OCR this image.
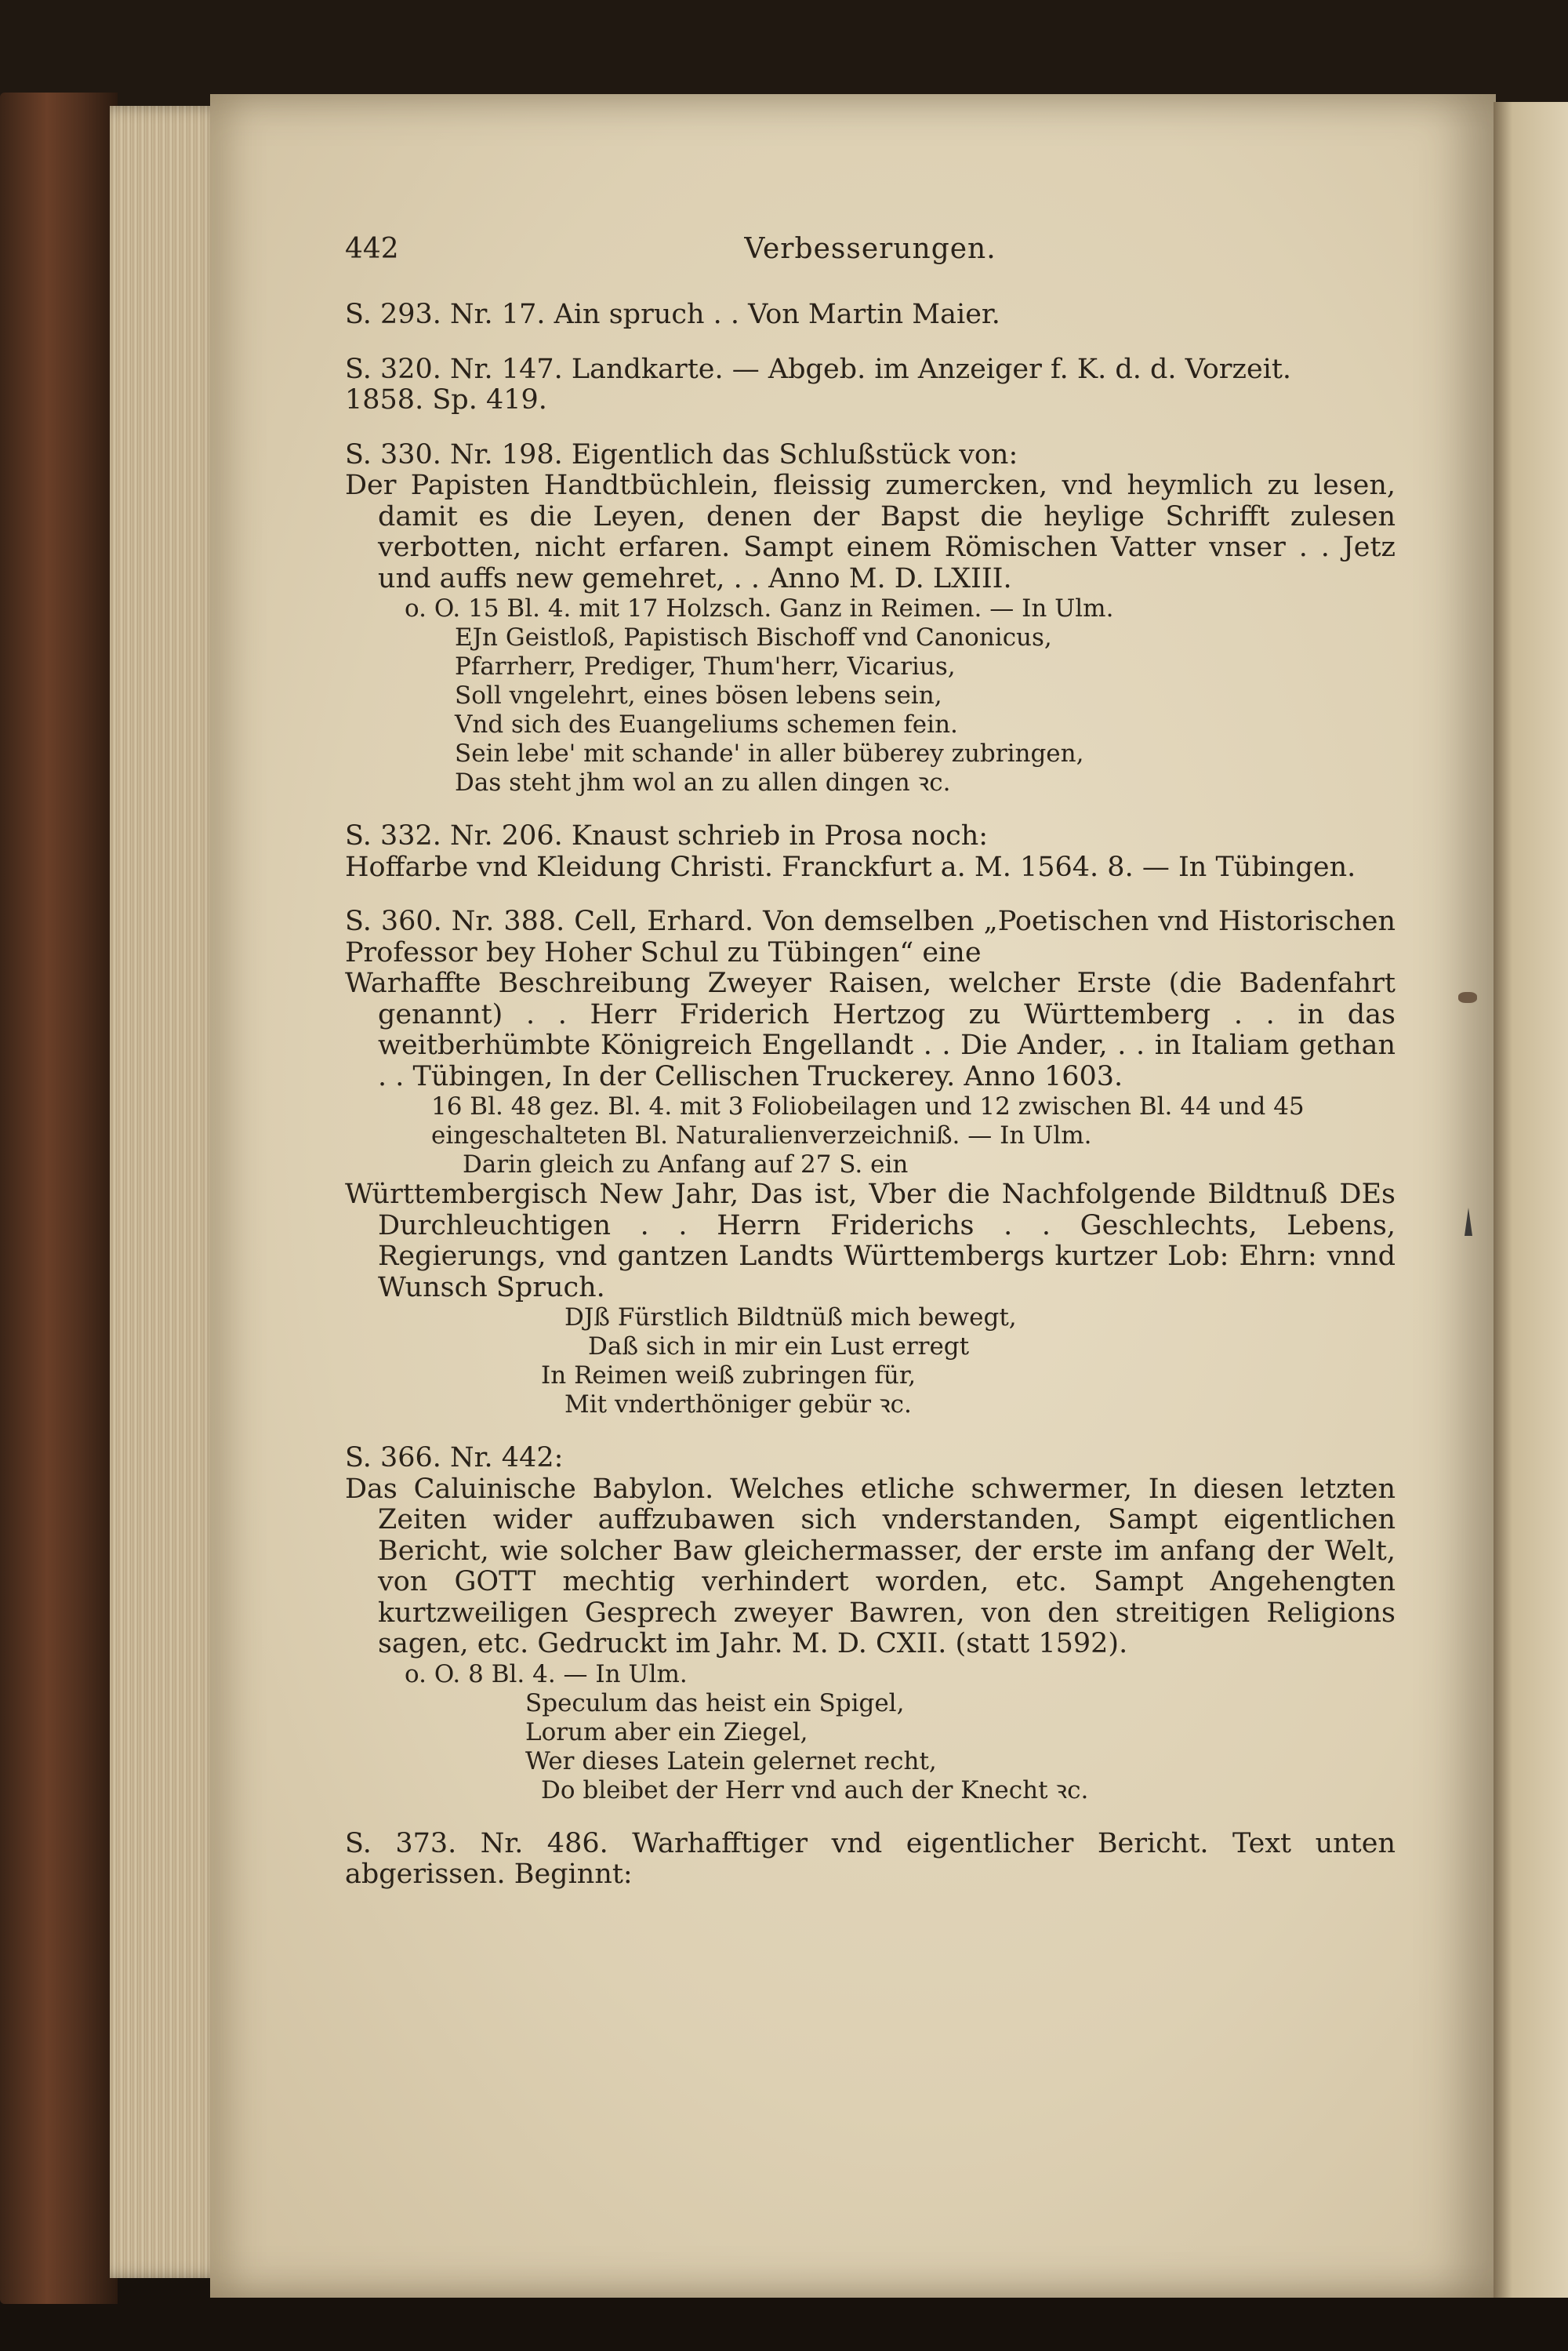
442	Verbesserungen.

S. 293. Nr. 17. Ain spruch . . Von Martin Maier.

S. 320. Nr. 147. Landkarte. — Abgeb. im Anzeiger f. K. d. d. Vorzeit.

1858. Sp. 419.

S. 330. Nr. 198. Eigentlich das Schlußstück von:

Der Papisten Handtbüchlein, fleissig zumercken, vnd heymlich zu lesen, damit es die Leyen, denen der Bapst die heylige Schrifft zulesen verbotten, nicht erfaren. Sampt einem Römischen Vatter vnser . . Jetz und auffs new gemehret, . . Anno M. D. LXIII.

o. O. 15 Bl. 4. mit 17 Holzsch. Ganz in Reimen. — In Ulm.

EJn Geistloß, Papistisch Bischoff vnd Canonicus,

Pfarrherr, Prediger, Thum'herr, Vicarius,

Soll vngelehrt, eines bösen lebens sein,

Vnd sich des Euangeliums schemen fein.

Sein lebe' mit schande' in aller büberey zubringen,

Das steht jhm wol an zu allen dingen ꝛc.

S. 332. Nr. 206. Knaust schrieb in Prosa noch:

Hoffarbe vnd Kleidung Christi. Franckfurt a. M. 1564. 8. — In Tübingen.

S. 360. Nr. 388. Cell, Erhard. Von demselben „Poetischen vnd Historischen Professor bey Hoher Schul zu Tübingen“ eine

Warhaffte Beschreibung Zweyer Raisen, welcher Erste (die Badenfahrt genannt) . . Herr Friderich Hertzog zu Württemberg . . in das weitberhümbte Königreich Engellandt . . Die Ander, . . in Italiam gethan . . Tübingen, In der Cellischen Truckerey. Anno 1603.

16 Bl. 48 gez. Bl. 4. mit 3 Foliobeilagen und 12 zwischen Bl. 44 und 45 eingeschalteten Bl. Naturalienverzeichniß. — In Ulm.

Darin gleich zu Anfang auf 27 S. ein

Württembergisch New Jahr, Das ist, Vber die Nachfolgende Bildtnuß DEs Durchleuchtigen . . Herrn Friderichs . . Geschlechts, Lebens, Regierungs, vnd gantzen Landts Württembergs kurtzer Lob: Ehrn: vnnd Wunsch Spruch.

DJß Fürstlich Bildtnüß mich bewegt,

Daß sich in mir ein Lust erregt

In Reimen weiß zubringen für,

Mit vnderthöniger gebür ꝛc.

S. 366. Nr. 442:

Das Caluinische Babylon. Welches etliche schwermer, In diesen letzten Zeiten wider auffzubawen sich vnderstanden, Sampt eigentlichen Bericht, wie solcher Baw gleichermasser, der erste im anfang der Welt, von GOTT mechtig verhindert worden, etc. Sampt Angehengten kurtzweiligen Gesprech zweyer Bawren, von den streitigen Religions sagen, etc. Gedruckt im Jahr. M. D. CXII. (statt 1592).

o. O. 8 Bl. 4. — In Ulm.

Speculum das heist ein Spigel,

Lorum aber ein Ziegel,

Wer dieses Latein gelernet recht,

Do bleibet der Herr vnd auch der Knecht ꝛc.

S. 373. Nr. 486. Warhafftiger vnd eigentlicher Bericht. Text unten abgerissen. Beginnt:
